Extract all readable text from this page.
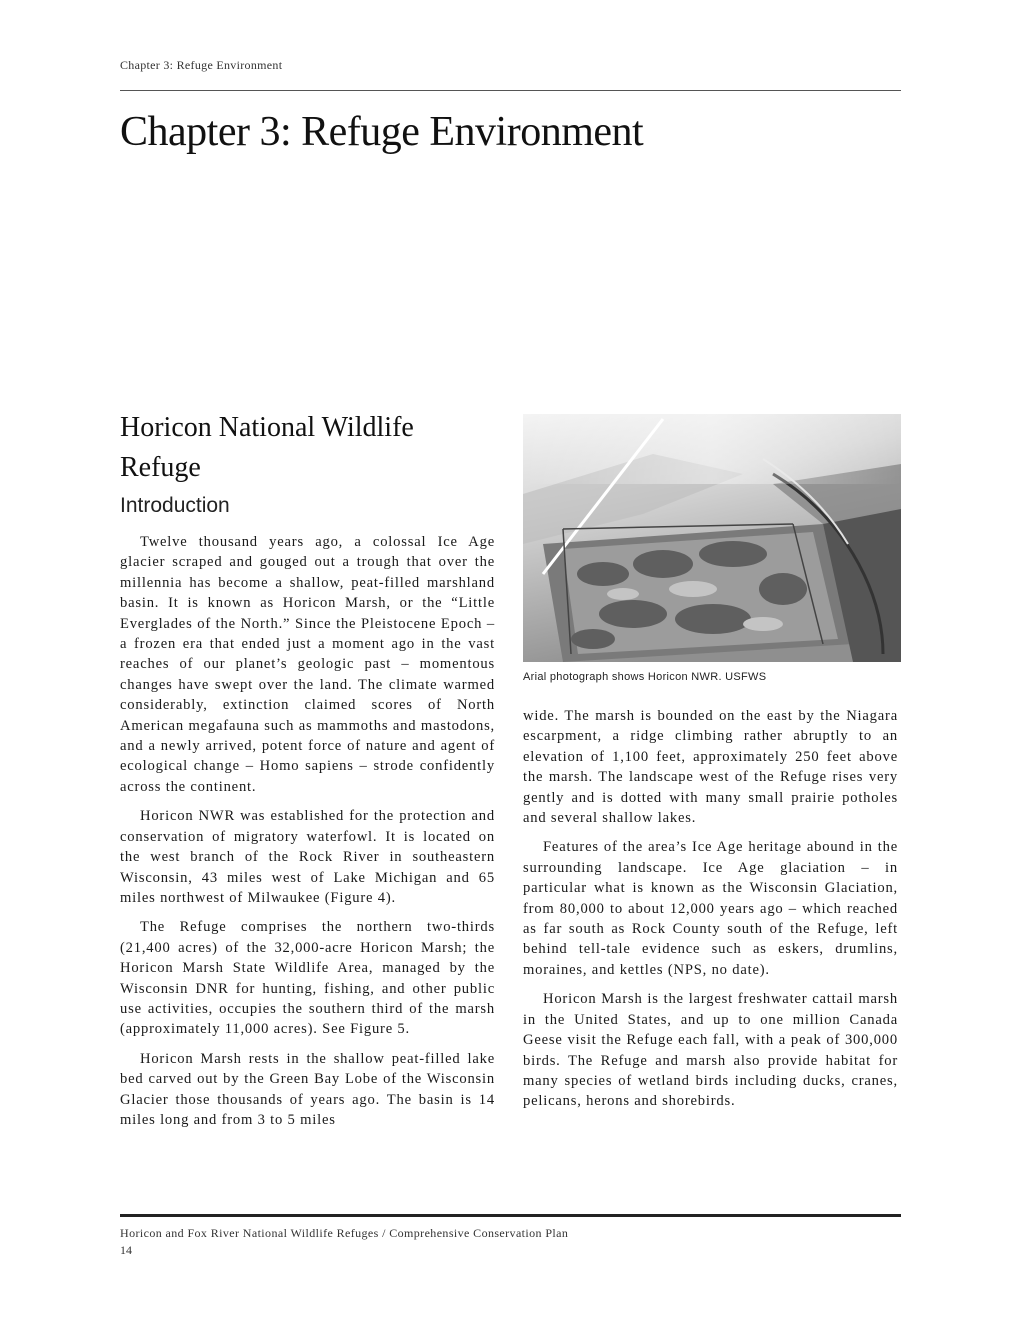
Chapter 3: Refuge Environment
Chapter 3: Refuge Environment
Horicon National Wildlife Refuge
Introduction

Twelve thousand years ago, a colossal Ice Age glacier scraped and gouged out a trough that over the millennia has become a shallow, peat-filled marshland basin. It is known as Horicon Marsh, or the “Little Everglades of the North.” Since the Pleistocene Epoch – a frozen era that ended just a moment ago in the vast reaches of our planet’s geologic past – momentous changes have swept over the land. The climate warmed considerably, extinction claimed scores of North American megafauna such as mammoths and mastodons, and a newly arrived, potent force of nature and agent of ecological change – Homo sapiens – strode confidently across the continent.

Horicon NWR was established for the protection and conservation of migratory waterfowl. It is located on the west branch of the Rock River in southeastern Wisconsin, 43 miles west of Lake Michigan and 65 miles northwest of Milwaukee (Figure 4).

The Refuge comprises the northern two-thirds (21,400 acres) of the 32,000-acre Horicon Marsh; the Horicon Marsh State Wildlife Area, managed by the Wisconsin DNR for hunting, fishing, and other public use activities, occupies the southern third of the marsh (approximately 11,000 acres). See Figure 5.

Horicon Marsh rests in the shallow peat-filled lake bed carved out by the Green Bay Lobe of the Wisconsin Glacier those thousands of years ago. The basin is 14 miles long and from 3 to 5 miles

Arial photograph shows Horicon NWR. USFWS

wide. The marsh is bounded on the east by the Niagara escarpment, a ridge climbing rather abruptly to an elevation of 1,100 feet, approximately 250 feet above the marsh. The landscape west of the Refuge rises very gently and is dotted with many small prairie potholes and several shallow lakes.

Features of the area’s Ice Age heritage abound in the surrounding landscape. Ice Age glaciation – in particular what is known as the Wisconsin Glaciation, from 80,000 to about 12,000 years ago – which reached as far south as Rock County south of the Refuge, left behind tell-tale evidence such as eskers, drumlins, moraines, and kettles (NPS, no date).

Horicon Marsh is the largest freshwater cattail marsh in the United States, and up to one million Canada Geese visit the Refuge each fall, with a peak of 300,000 birds. The Refuge and marsh also provide habitat for many species of wetland birds including ducks, cranes, pelicans, herons and shorebirds.

Horicon and Fox River National Wildlife Refuges / Comprehensive Conservation Plan
14
